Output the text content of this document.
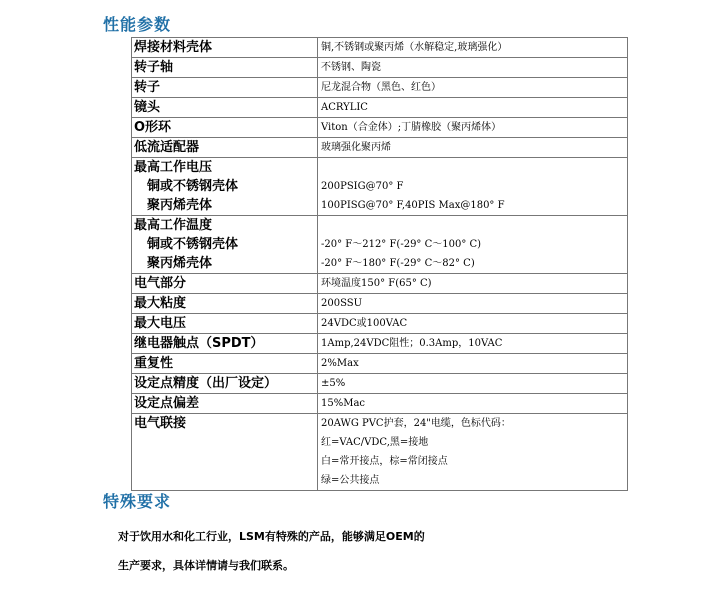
性能参数
焊接材料壳体	铜,不锈钢或聚丙烯（水解稳定,玻璃强化）
转子轴	不锈钢、陶瓷
转子	尼龙混合物（黑色、红色）
镜头	ACRYLIC
O形环	Viton（合金体）;丁腈橡胶（聚丙烯体）
低流适配器	玻璃强化聚丙烯
最高工作电压	
铜或不锈钢壳体	200PSIG@70° F
聚丙烯壳体	100PISG@70° F,40PIS Max@180° F
最高工作温度	
铜或不锈钢壳体	-20° F～212° F(-29° C～100° C)
聚丙烯壳体	-20° F～180° F(-29° C～82° C)
电气部分	环境温度150° F(65° C)
最大粘度	200SSU
最大电压	24VDC或100VAC
继电器触点（SPDT）	1Amp,24VDC阻性；0.3Amp，10VAC
重复性	2%Max
设定点精度（出厂设定）	±5%
设定点偏差	15%Mac
电气联接	20AWG PVC护套，24"电缆，色标代码：
红=VAC/VDC,黑=接地
白=常开接点，棕=常闭接点
绿=公共接点
特殊要求
对于饮用水和化工行业，LSM有特殊的产品，能够满足OEM的
生产要求，具体详情请与我们联系。
